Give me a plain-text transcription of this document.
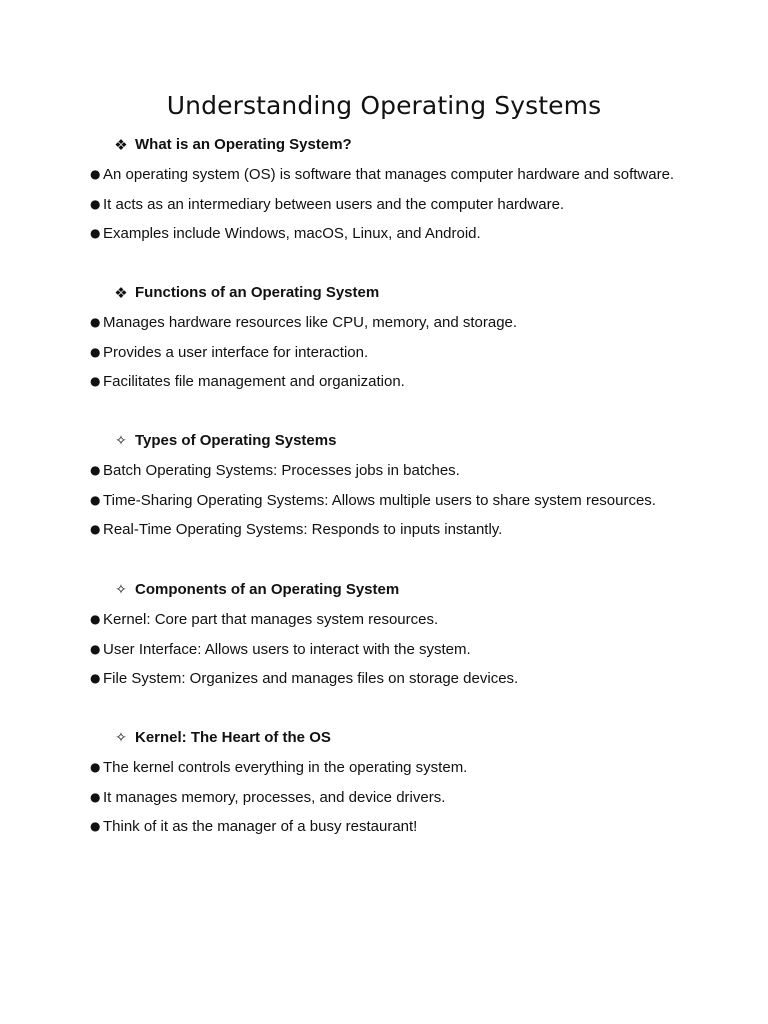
Understanding Operating Systems
❖ What is an Operating System?
● An operating system (OS) is software that manages computer hardware and software.
● It acts as an intermediary between users and the computer hardware.
● Examples include Windows, macOS, Linux, and Android.
❖ Functions of an Operating System
● Manages hardware resources like CPU, memory, and storage.
● Provides a user interface for interaction.
● Facilitates file management and organization.
✧ Types of Operating Systems
● Batch Operating Systems: Processes jobs in batches.
● Time-Sharing Operating Systems: Allows multiple users to share system resources.
● Real-Time Operating Systems: Responds to inputs instantly.
✧ Components of an Operating System
● Kernel: Core part that manages system resources.
● User Interface: Allows users to interact with the system.
● File System: Organizes and manages files on storage devices.
✧ Kernel: The Heart of the OS
● The kernel controls everything in the operating system.
● It manages memory, processes, and device drivers.
● Think of it as the manager of a busy restaurant!
